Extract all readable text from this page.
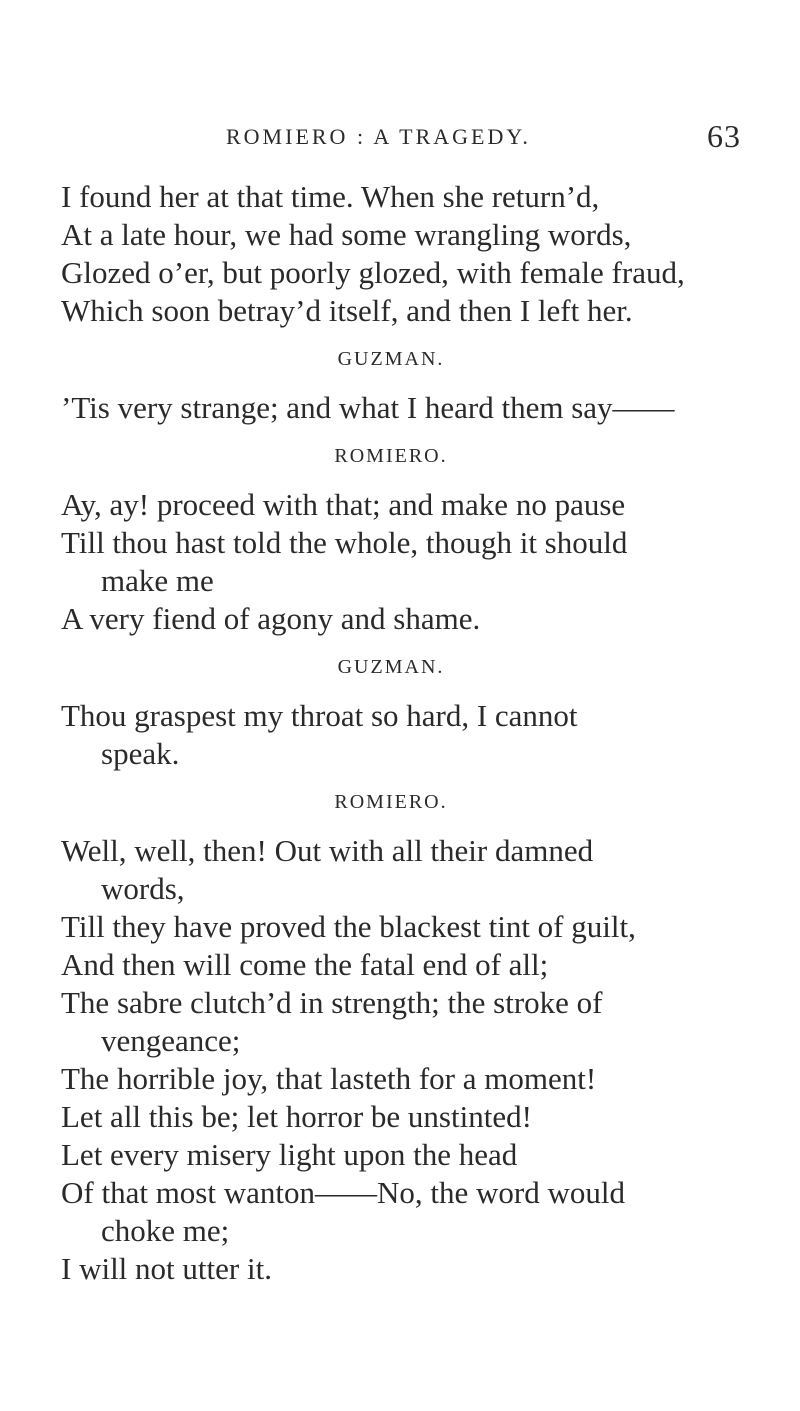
ROMIERO : A TRAGEDY.	63
I found her at that time. When she return’d,
At a late hour, we had some wrangling words,
Glozed o’er, but poorly glozed, with female fraud,
Which soon betray’d itself, and then I left her.
GUZMAN.
’Tis very strange; and what I heard them say——
ROMIERO.
Ay, ay! proceed with that; and make no pause
Till thou hast told the whole, though it should
make me
A very fiend of agony and shame.
GUZMAN.
Thou graspest my throat so hard, I cannot
speak.
ROMIERO.
Well, well, then! Out with all their damned
words,
Till they have proved the blackest tint of guilt,
And then will come the fatal end of all;
The sabre clutch’d in strength; the stroke of
vengeance;
The horrible joy, that lasteth for a moment!
Let all this be; let horror be unstinted!
Let every misery light upon the head
Of that most wanton——No, the word would
choke me;
I will not utter it.
